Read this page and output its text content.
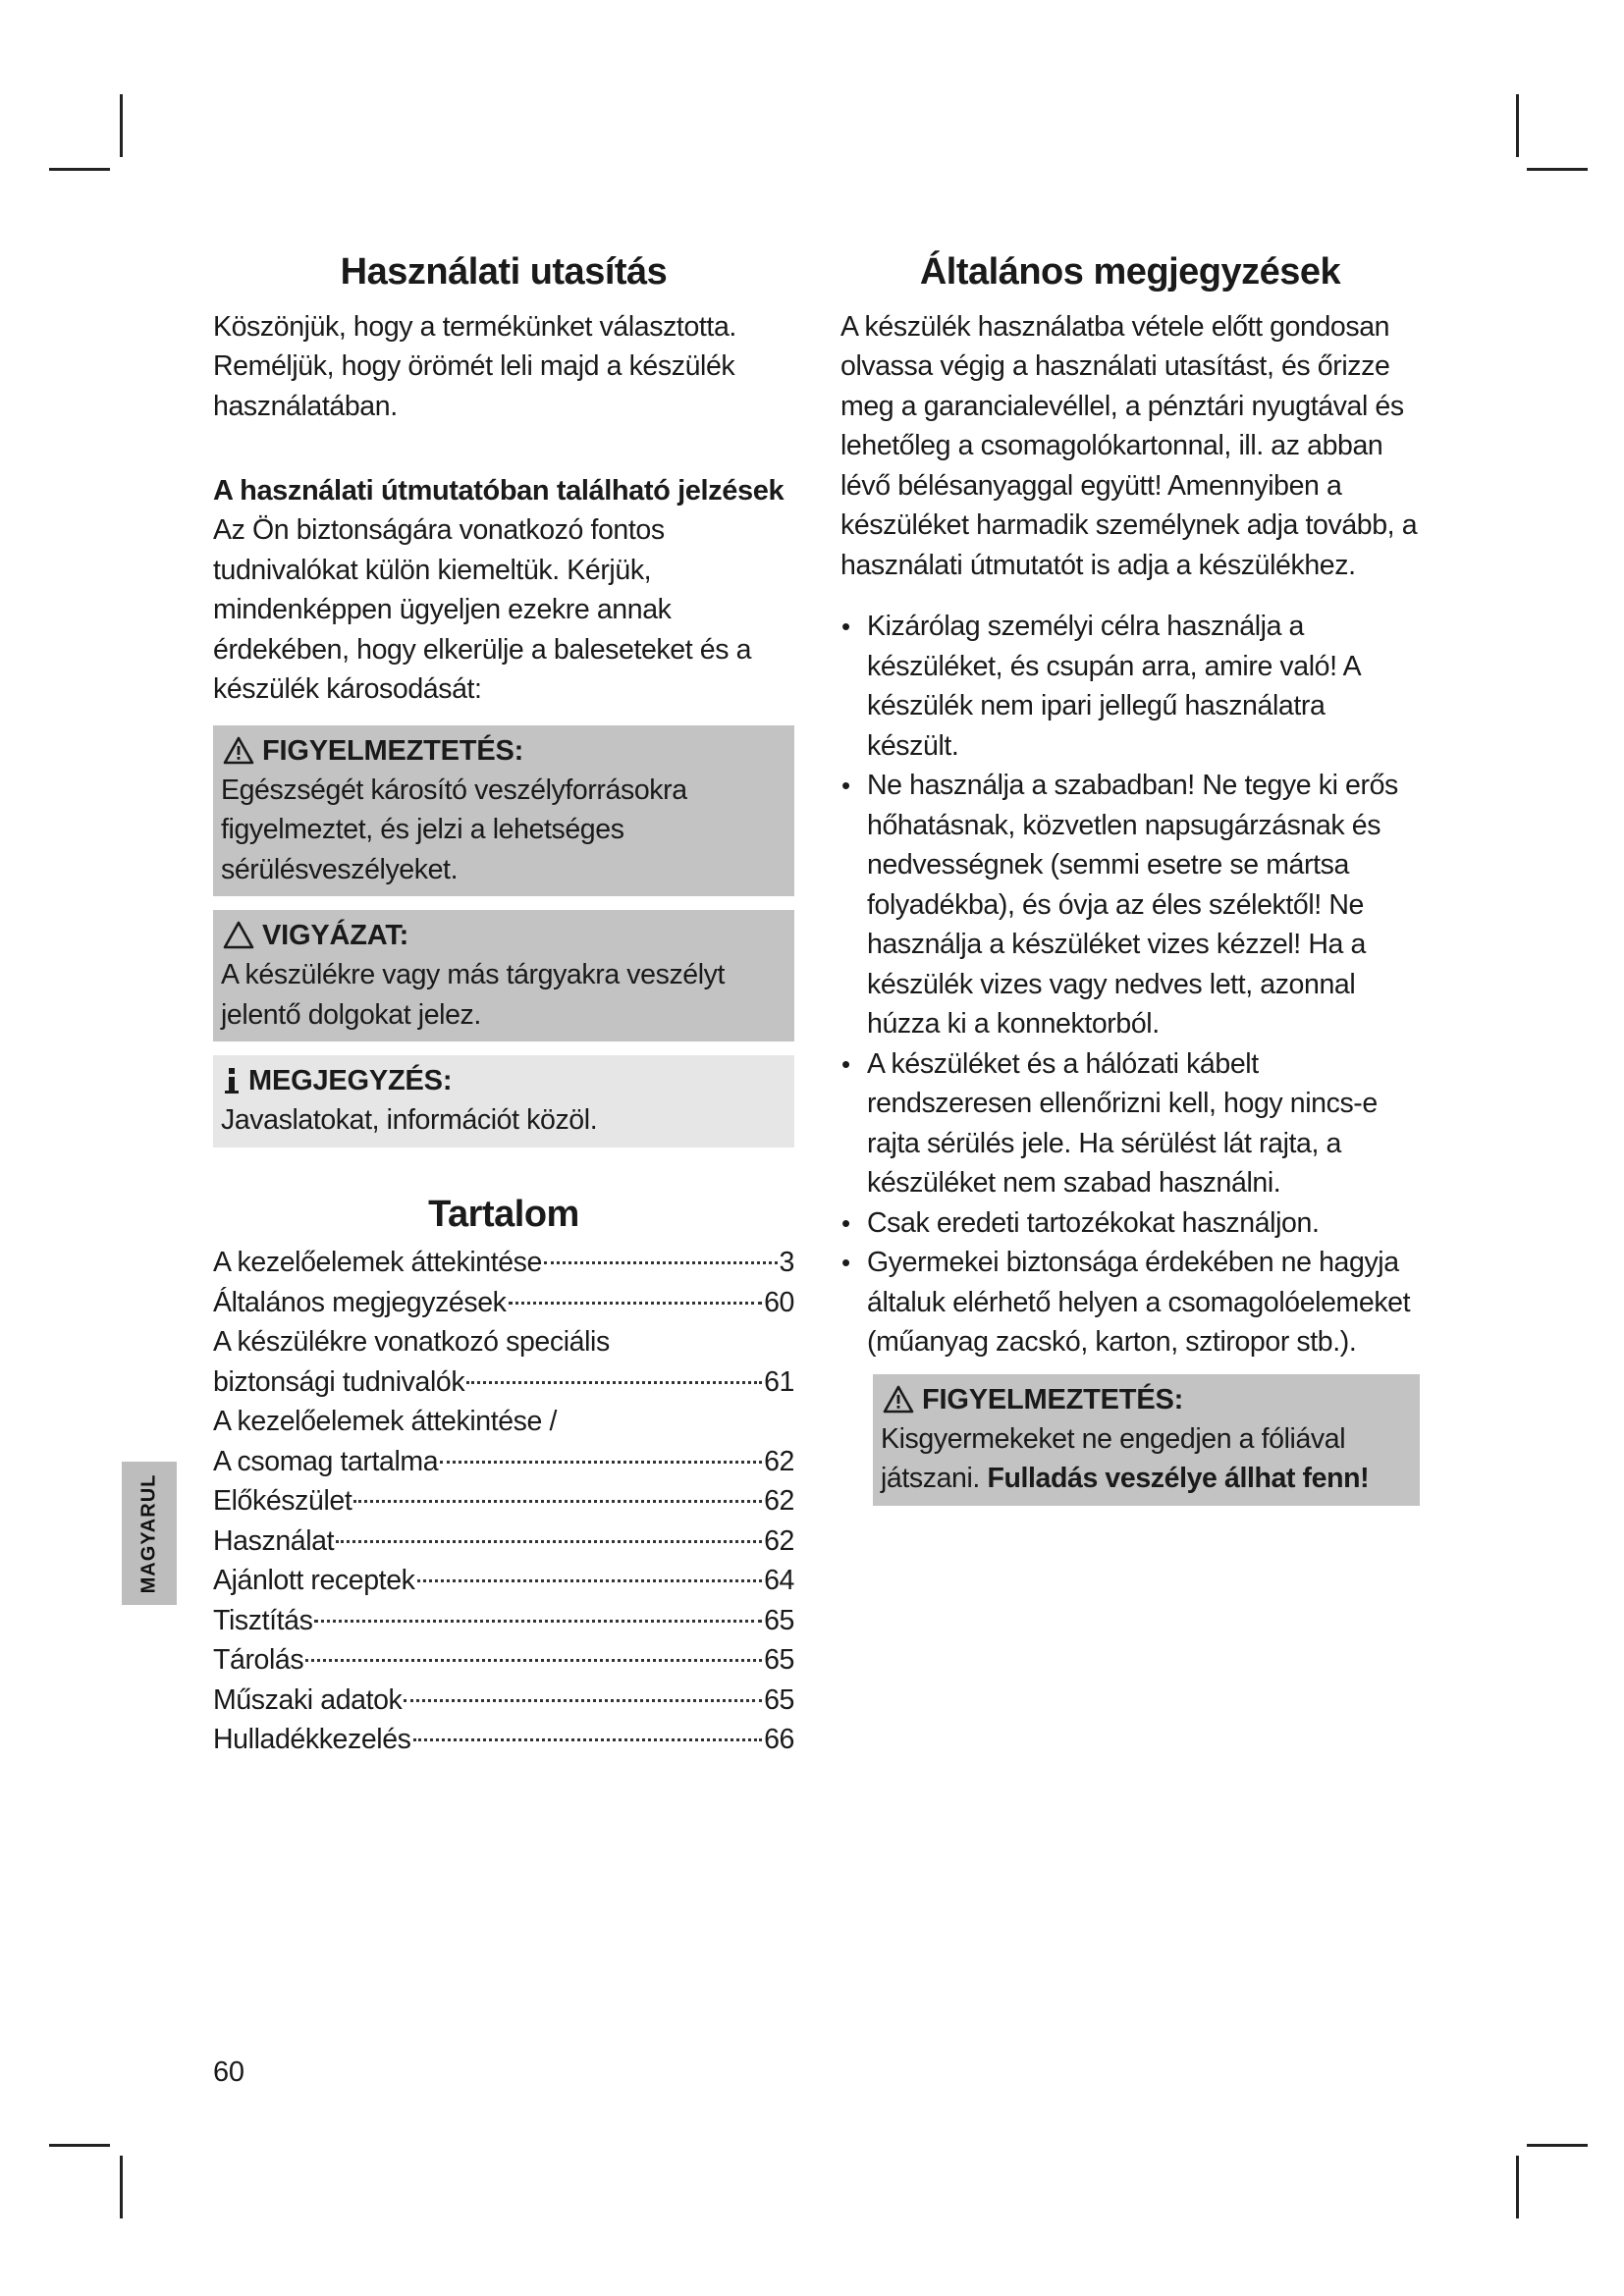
MAGYARUL
Használati utasítás

Köszönjük, hogy a termékünket választotta. Reméljük, hogy örömét leli majd a készülék használatában.

A használati útmutatóban található jelzések

Az Ön biztonságára vonatkozó fontos tudnivalókat külön kiemeltük. Kérjük, mindenképpen ügyeljen ezekre annak érdekében, hogy elkerülje a baleseteket és a készülék károsodását:

FIGYELMEZTETÉS:
Egészségét károsító veszélyforrásokra figyelmeztet, és jelzi a lehetséges sérülésveszélyeket.
VIGYÁZAT:
A készülékre vagy más tárgyakra veszélyt jelentő dolgokat jelez.
MEGJEGYZÉS:
Javaslatokat, információt közöl.
Tartalom
A kezelőelemek áttekintése	3
Általános megjegyzések	60
A készülékre vonatkozó speciális
biztonsági tudnivalók	61
A kezelőelemek áttekintése /
A csomag tartalma	62
Előkészület	62
Használat	62
Ajánlott receptek	64
Tisztítás	65
Tárolás	65
Műszaki adatok	65
Hulladékkezelés	66
Általános megjegyzések

A készülék használatba vétele előtt gondosan olvassa végig a használati utasítást, és őrizze meg a garancialevéllel, a pénztári nyugtával és lehetőleg a csomagolókartonnal, ill. az abban lévő bélésanyaggal együtt! Amennyiben a készüléket harmadik személynek adja tovább, a használati útmutatót is adja a készülékhez.

• Kizárólag személyi célra használja a készüléket, és csupán arra, amire való! A készülék nem ipari jellegű használatra készült.
• Ne használja a szabadban! Ne tegye ki erős hőhatásnak, közvetlen napsugárzásnak és nedvességnek (semmi esetre se mártsa folyadékba), és óvja az éles szélektől! Ne használja a készüléket vizes kézzel! Ha a készülék vizes vagy nedves lett, azonnal húzza ki a konnektorból.
• A készüléket és a hálózati kábelt rendszeresen ellenőrizni kell, hogy nincs-e rajta sérülés jele. Ha sérülést lát rajta, a készüléket nem szabad használni.
• Csak eredeti tartozékokat használjon.
• Gyermekei biztonsága érdekében ne hagyja általuk elérhető helyen a csomagolóelemeket (műanyag zacskó, karton, sztiropor stb.).
FIGYELMEZTETÉS:
Kisgyermekeket ne engedjen a fóliával játszani. Fulladás veszélye állhat fenn!
60
